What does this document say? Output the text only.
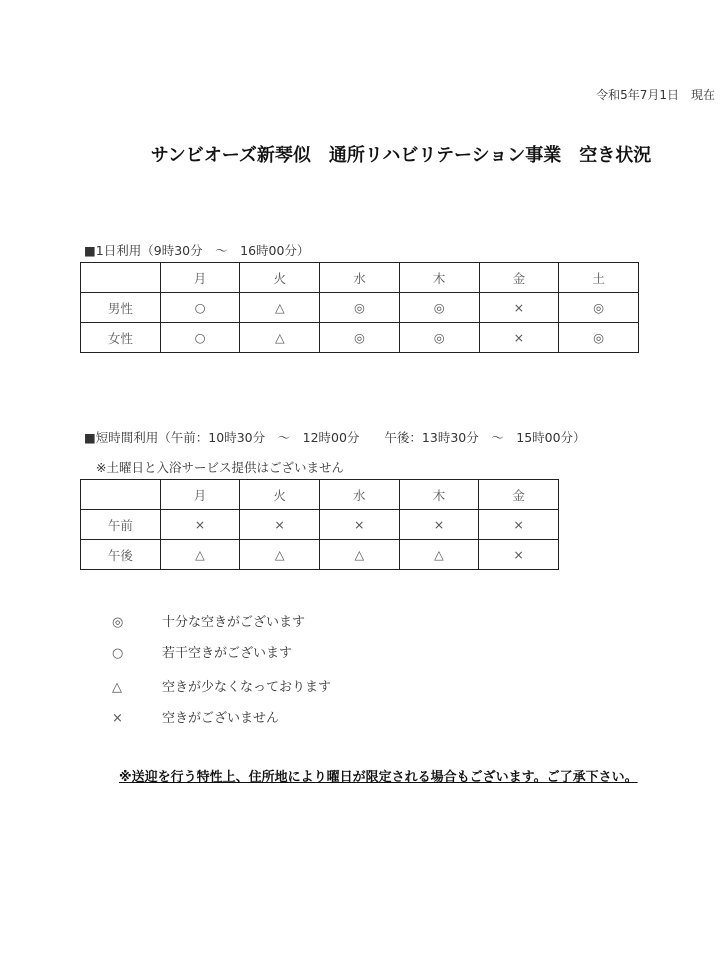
令和5年7月1日　現在
サンビオーズ新琴似　通所リハビリテーション事業　空き状況
■1日利用（9時30分　～　16時00分）
	月	火	水	木	金	土
男性	○	△	◎	◎	×	◎
女性	○	△	◎	◎	×	◎
■短時間利用（午前：10時30分　～　12時00分　　午後：13時30分　～　15時00分）
※土曜日と入浴サービス提供はございません
	月	火	水	木	金
午前	×	×	×	×	×
午後	△	△	△	△	×
◎	十分な空きがございます
○	若干空きがございます
△	空きが少なくなっております
×	空きがございません
※送迎を行う特性上、住所地により曜日が限定される場合もございます。ご了承下さい。
